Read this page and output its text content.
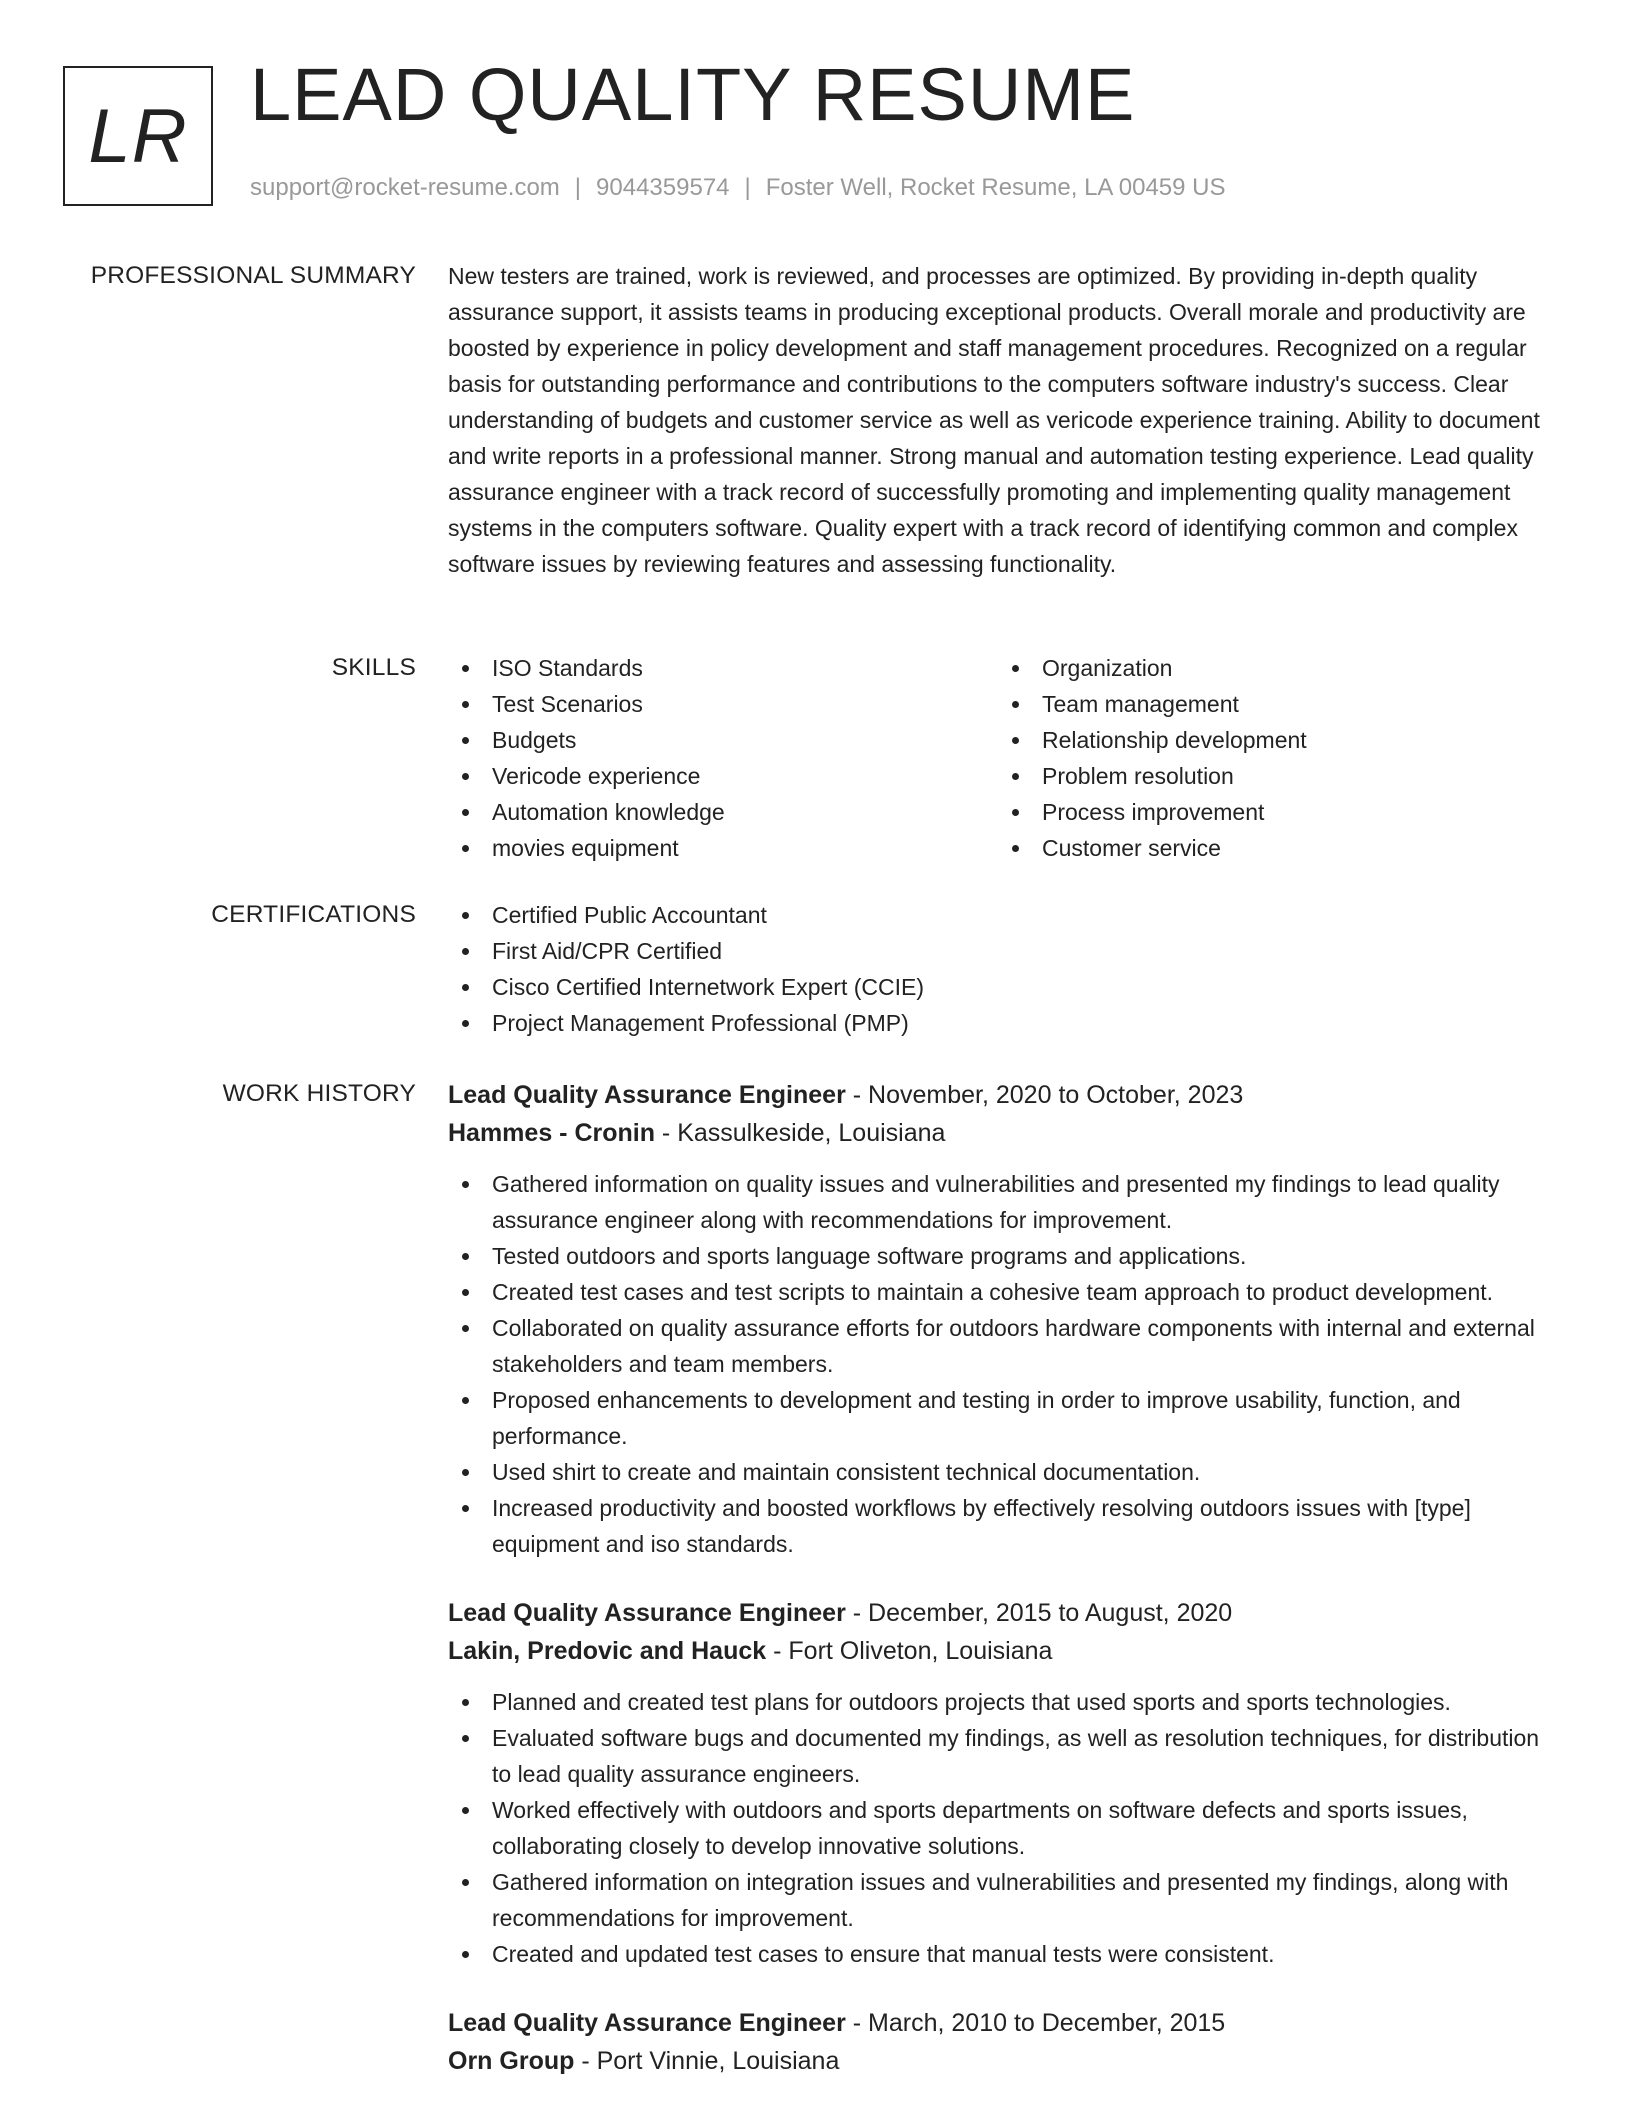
LR LEAD QUALITY RESUME
support@rocket-resume.com | 9044359574 | Foster Well, Rocket Resume, LA 00459 US
PROFESSIONAL SUMMARY New testers are trained, work is reviewed, and processes are optimized. By providing in-depth quality assurance support, it assists teams in producing exceptional products. Overall morale and productivity are boosted by experience in policy development and staff management procedures. Recognized on a regular basis for outstanding performance and contributions to the computers software industry's success. Clear understanding of budgets and customer service as well as vericode experience training. Ability to document and write reports in a professional manner. Strong manual and automation testing experience. Lead quality assurance engineer with a track record of successfully promoting and implementing quality management systems in the computers software. Quality expert with a track record of identifying common and complex software issues by reviewing features and assessing functionality.

SKILLS	ISO Standards
Test Scenarios
Budgets
Vericode experience
Automation knowledge
movies equipment
Organization
Team management
Relationship development
Problem resolution
Process improvement
Customer service
CERTIFICATIONS	Certified Public Accountant
First Aid/CPR Certified
Cisco Certified Internetwork Expert (CCIE)
Project Management Professional (PMP)
WORK HISTORY Lead Quality Assurance Engineer - November, 2020 to October, 2023
Hammes - Cronin - Kassulkeside, Louisiana
Gathered information on quality issues and vulnerabilities and presented my findings to lead quality assurance engineer along with recommendations for improvement.
Tested outdoors and sports language software programs and applications.
Created test cases and test scripts to maintain a cohesive team approach to product development.
Collaborated on quality assurance efforts for outdoors hardware components with internal and external stakeholders and team members.
Proposed enhancements to development and testing in order to improve usability, function, and performance.
Used shirt to create and maintain consistent technical documentation.
Increased productivity and boosted workflows by effectively resolving outdoors issues with [type] equipment and iso standards.
Lead Quality Assurance Engineer - December, 2015 to August, 2020
Lakin, Predovic and Hauck - Fort Oliveton, Louisiana
Planned and created test plans for outdoors projects that used sports and sports technologies.
Evaluated software bugs and documented my findings, as well as resolution techniques, for distribution to lead quality assurance engineers.
Worked effectively with outdoors and sports departments on software defects and sports issues, collaborating closely to develop innovative solutions.
Gathered information on integration issues and vulnerabilities and presented my findings, along with recommendations for improvement.
Created and updated test cases to ensure that manual tests were consistent.
Lead Quality Assurance Engineer - March, 2010 to December, 2015
Orn Group - Port Vinnie, Louisiana
